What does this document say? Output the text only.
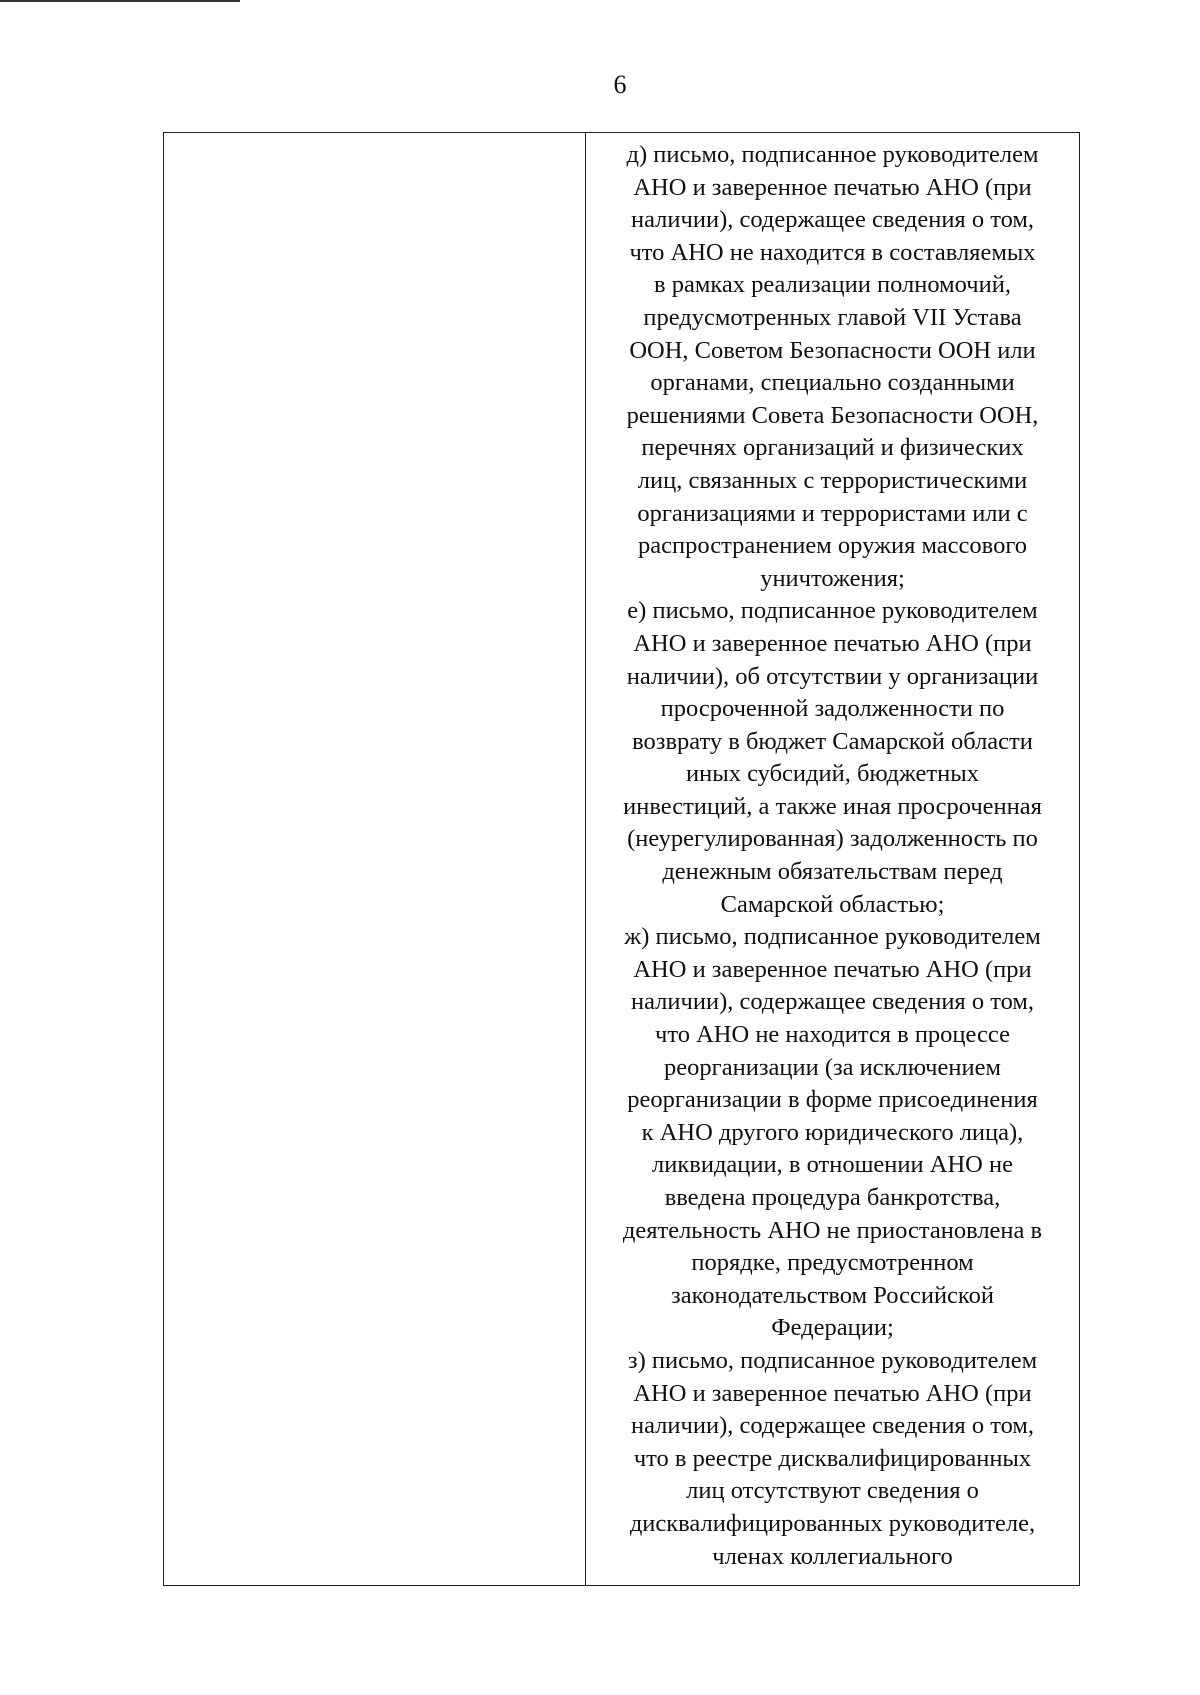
6
д) письмо, подписанное руководителем
АНО и заверенное печатью АНО (при
наличии), содержащее сведения о том,
что АНО не находится в составляемых
в рамках реализации полномочий,
предусмотренных главой VII Устава
ООН, Советом Безопасности ООН или
органами, специально созданными
решениями Совета Безопасности ООН,
перечнях организаций и физических
лиц, связанных с террористическими
организациями и террористами или с
распространением оружия массового
уничтожения;
е) письмо, подписанное руководителем
АНО и заверенное печатью АНО (при
наличии), об отсутствии у организации
просроченной задолженности по
возврату в бюджет Самарской области
иных субсидий, бюджетных
инвестиций, а также иная просроченная
(неурегулированная) задолженность по
денежным обязательствам перед
Самарской областью;
ж) письмо, подписанное руководителем
АНО и заверенное печатью АНО (при
наличии), содержащее сведения о том,
что АНО не находится в процессе
реорганизации (за исключением
реорганизации в форме присоединения
к АНО другого юридического лица),
ликвидации, в отношении АНО не
введена процедура банкротства,
деятельность АНО не приостановлена в
порядке, предусмотренном
законодательством Российской
Федерации;
з) письмо, подписанное руководителем
АНО и заверенное печатью АНО (при
наличии), содержащее сведения о том,
что в реестре дисквалифицированных
лиц отсутствуют сведения о
дисквалифицированных руководителе,
членах коллегиального
